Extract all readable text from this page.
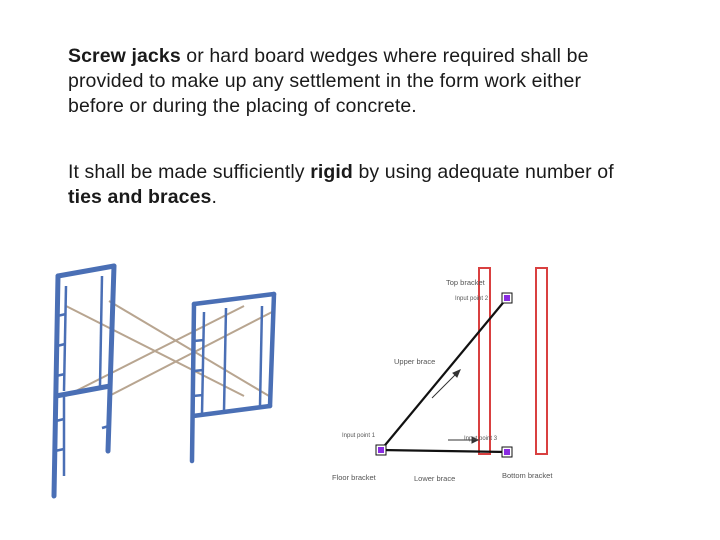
Screw jacks or hard board wedges where required shall be
provided to make up any settlement in the form work either
before or during the placing of concrete.

It shall be made sufficiently rigid by using adequate number of
ties and braces.

Top bracket
Input point 2
Upper brace
Input point 1	Input point 3
Floor bracket	Lower brace	Bottom bracket
